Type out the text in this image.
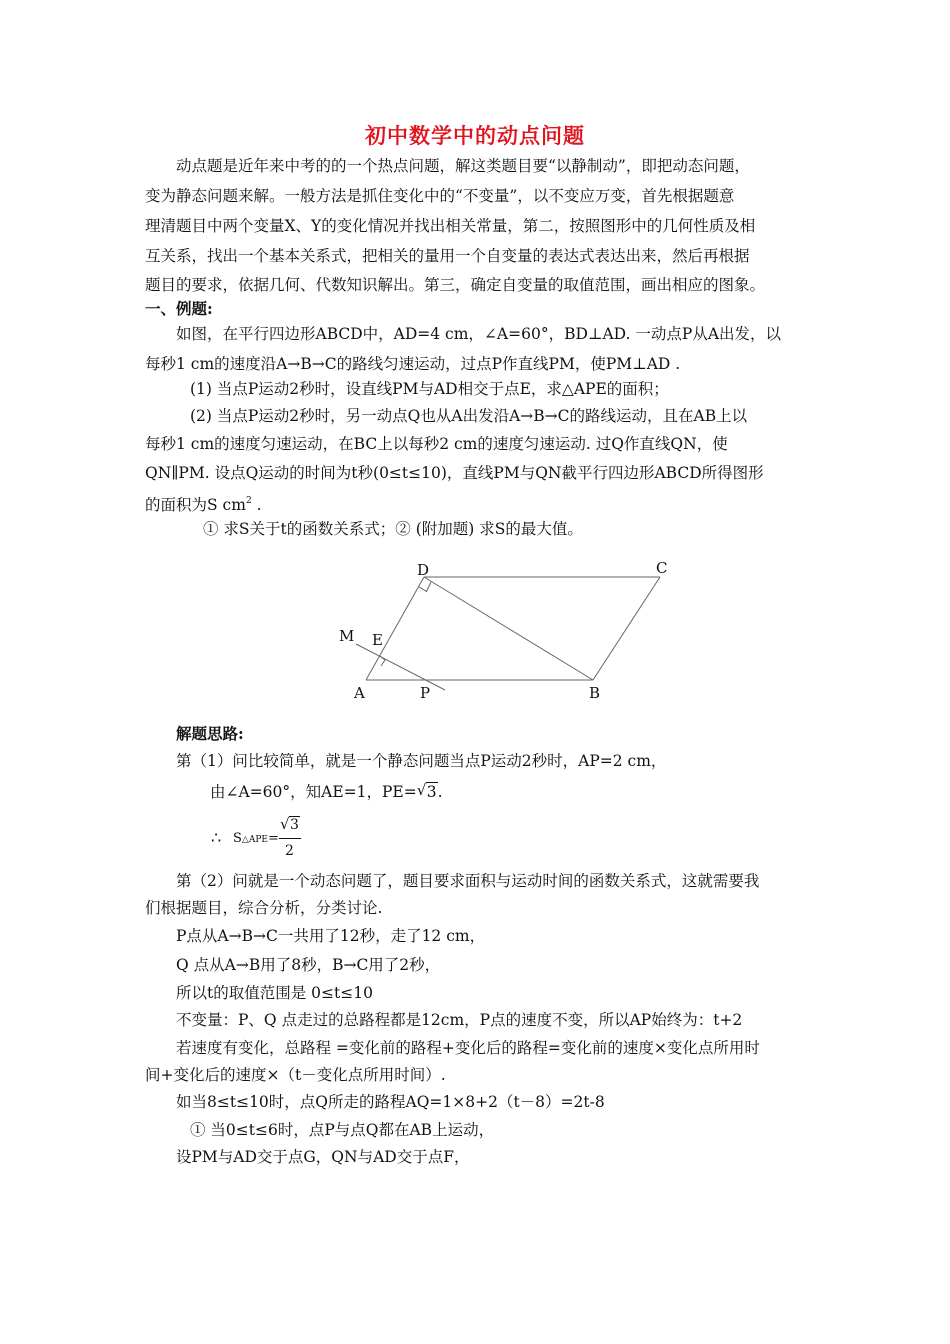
初中数学中的动点问题
动点题是近年来中考的的一个热点问题，解这类题目要“以静制动”，即把动态问题，
变为静态问题来解。一般方法是抓住变化中的“不变量”，以不变应万变，首先根据题意
理清题目中两个变量X、Y的变化情况并找出相关常量，第二，按照图形中的几何性质及相
互关系，找出一个基本关系式，把相关的量用一个自变量的表达式表达出来，然后再根据
题目的要求，依据几何、代数知识解出。第三，确定自变量的取值范围，画出相应的图象。
一、例题:
如图，在平行四边形ABCD中，AD=4 cm，∠A=60°，BD⊥AD. 一动点P从A出发，以
每秒1 cm的速度沿A→B→C的路线匀速运动，过点P作直线PM，使PM⊥AD .
(1) 当点P运动2秒时，设直线PM与AD相交于点E，求△APE的面积；
(2) 当点P运动2秒时，另一动点Q也从A出发沿A→B→C的路线运动，且在AB上以
每秒1 cm的速度匀速运动，在BC上以每秒2 cm的速度匀速运动. 过Q作直线QN，使
QN∥PM. 设点Q运动的时间为t秒(0≤t≤10)，直线PM与QN截平行四边形ABCD所得图形
的面积为S $cm^2$ .
① 求S关于t的函数关系式；② (附加题) 求S的最大值。
D	C
M E
A	P	B
解题思路:
第（1）问比较简单，就是一个静态问题当点P运动2秒时，AP=2 cm，
由∠A=60°，知AE=1，PE= √ 3.
∴ S△APE=
√ 3
2
第（2）问就是一个动态问题了，题目要求面积与运动时间的函数关系式，这就需要我
们根据题目，综合分析，分类讨论.
P点从A→B→C一共用了12秒，走了12 cm，
Q 点从A→B用了8秒，B→C用了2秒，
所以t的取值范围是 0≤t≤10
不变量：P、Q 点走过的总路程都是12cm，P点的速度不变，所以AP始终为：t+2
若速度有变化，总路程 =变化前的路程+变化后的路程=变化前的速度×变化点所用时
间+变化后的速度×（t－变化点所用时间）.
如当8≤t≤10时，点Q所走的路程AQ=1×8+2（t－8）=2t-8
① 当0≤t≤6时，点P与点Q都在AB上运动，
设PM与AD交于点G，QN与AD交于点F，
